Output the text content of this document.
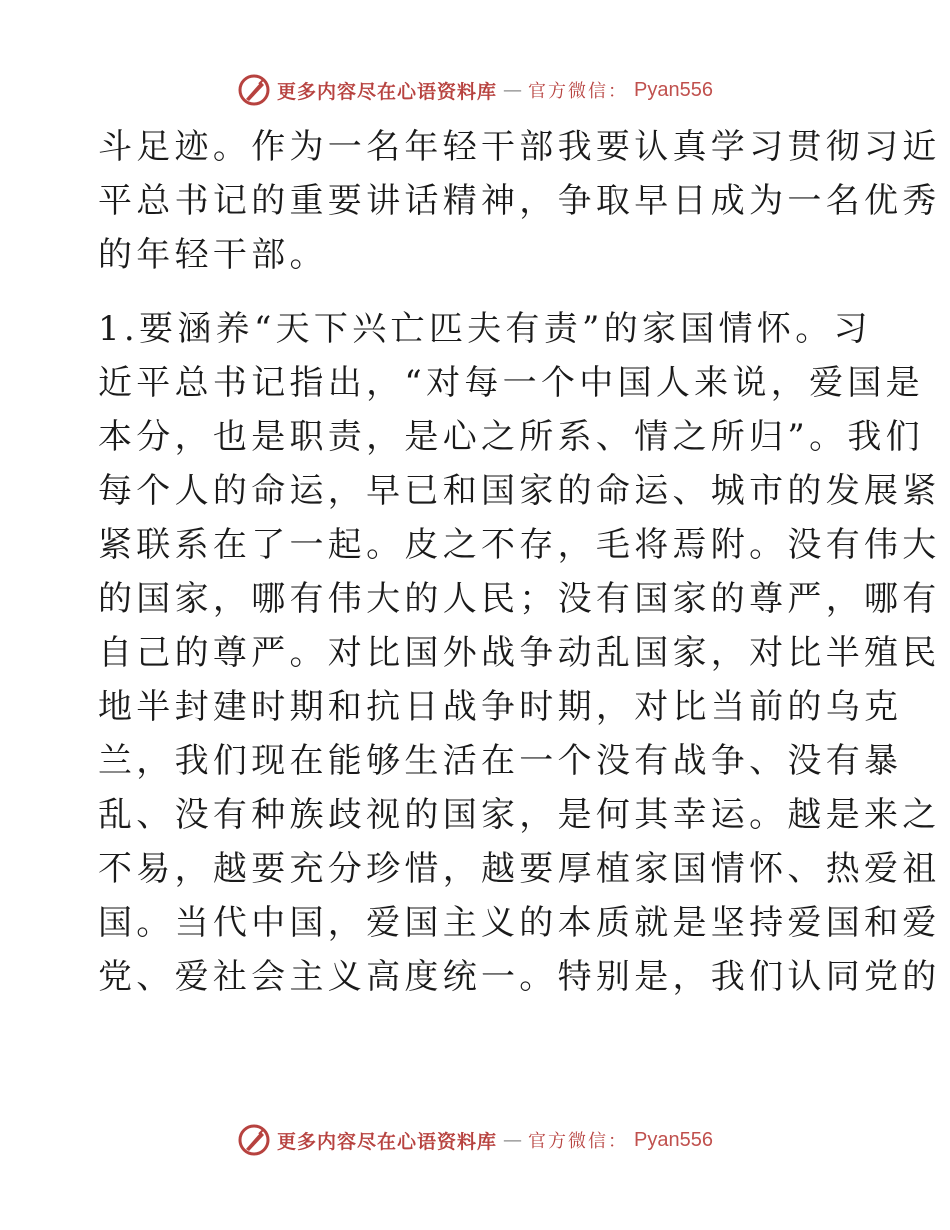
更多内容尽在心语资料库 — 官方微信： Pyan556
斗足迹。作为一名年轻干部我要认真学习贯彻习近
平总书记的重要讲话精神，争取早日成为一名优秀
的年轻干部。
1.要涵养“天下兴亡匹夫有责”的家国情怀。习
近平总书记指出，“对每一个中国人来说，爱国是
本分，也是职责，是心之所系、情之所归”。我们
每个人的命运，早已和国家的命运、城市的发展紧
紧联系在了一起。皮之不存，毛将焉附。没有伟大
的国家，哪有伟大的人民；没有国家的尊严，哪有
自己的尊严。对比国外战争动乱国家，对比半殖民
地半封建时期和抗日战争时期，对比当前的乌克
兰，我们现在能够生活在一个没有战争、没有暴
乱、没有种族歧视的国家，是何其幸运。越是来之
不易，越要充分珍惜，越要厚植家国情怀、热爱祖
国。当代中国，爱国主义的本质就是坚持爱国和爱
党、爱社会主义高度统一。特别是，我们认同党的
更多内容尽在心语资料库 — 官方微信： Pyan556
